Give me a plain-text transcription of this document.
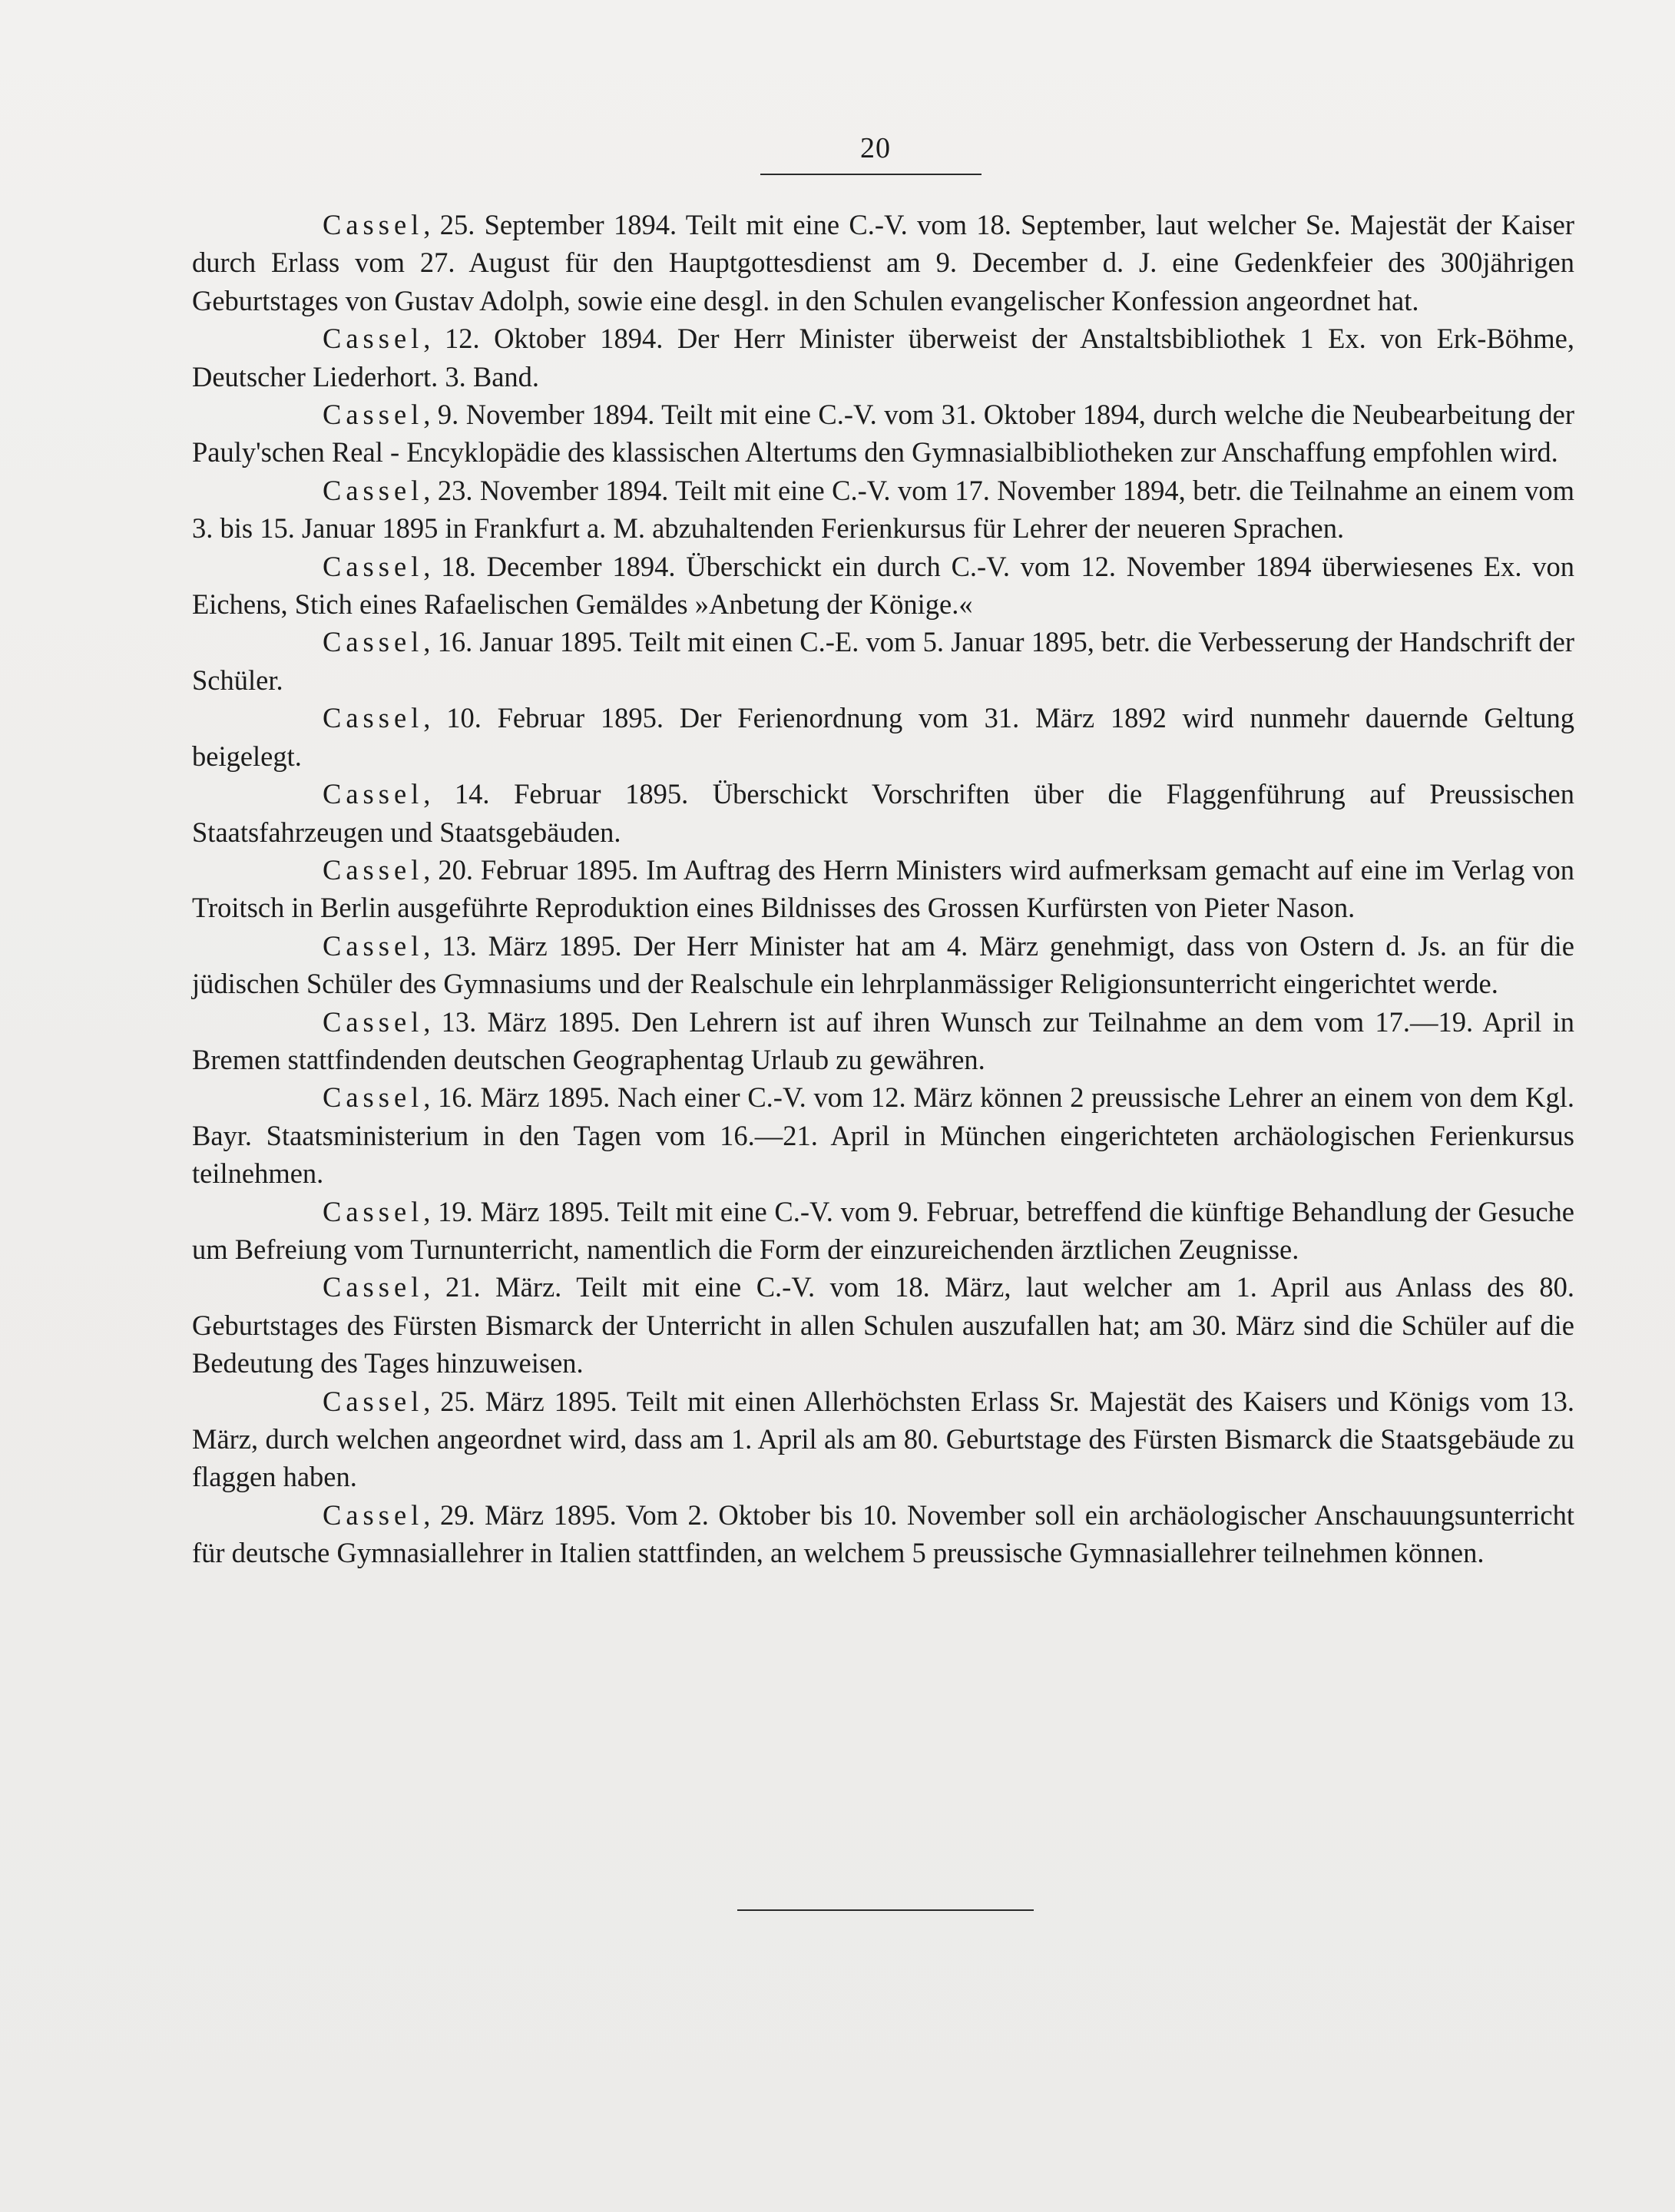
20

Cassel, 25. September 1894. Teilt mit eine C.-V. vom 18. September, laut welcher Se. Majestät der Kaiser durch Erlass vom 27. August für den Hauptgottesdienst am 9. December d. J. eine Gedenkfeier des 300jährigen Geburtstages von Gustav Adolph, sowie eine desgl. in den Schulen evangelischer Konfession angeordnet hat.

Cassel, 12. Oktober 1894. Der Herr Minister überweist der Anstaltsbibliothek 1 Ex. von Erk-Böhme, Deutscher Liederhort. 3. Band.

Cassel, 9. November 1894. Teilt mit eine C.-V. vom 31. Oktober 1894, durch welche die Neubearbeitung der Pauly'schen Real - Encyklopädie des klassischen Altertums den Gymnasialbibliotheken zur Anschaffung empfohlen wird.

Cassel, 23. November 1894. Teilt mit eine C.-V. vom 17. November 1894, betr. die Teilnahme an einem vom 3. bis 15. Januar 1895 in Frankfurt a. M. abzuhaltenden Ferienkursus für Lehrer der neueren Sprachen.

Cassel, 18. December 1894. Überschickt ein durch C.-V. vom 12. November 1894 überwiesenes Ex. von Eichens, Stich eines Rafaelischen Gemäldes »Anbetung der Könige.«

Cassel, 16. Januar 1895. Teilt mit einen C.-E. vom 5. Januar 1895, betr. die Verbesserung der Handschrift der Schüler.

Cassel, 10. Februar 1895. Der Ferienordnung vom 31. März 1892 wird nunmehr dauernde Geltung beigelegt.

Cassel, 14. Februar 1895. Überschickt Vorschriften über die Flaggenführung auf Preussischen Staatsfahrzeugen und Staatsgebäuden.

Cassel, 20. Februar 1895. Im Auftrag des Herrn Ministers wird aufmerksam gemacht auf eine im Verlag von Troitsch in Berlin ausgeführte Reproduktion eines Bildnisses des Grossen Kurfürsten von Pieter Nason.

Cassel, 13. März 1895. Der Herr Minister hat am 4. März genehmigt, dass von Ostern d. Js. an für die jüdischen Schüler des Gymnasiums und der Realschule ein lehrplanmässiger Religionsunterricht eingerichtet werde.

Cassel, 13. März 1895. Den Lehrern ist auf ihren Wunsch zur Teilnahme an dem vom 17.—19. April in Bremen stattfindenden deutschen Geographentag Urlaub zu gewähren.

Cassel, 16. März 1895. Nach einer C.-V. vom 12. März können 2 preussische Lehrer an einem von dem Kgl. Bayr. Staatsministerium in den Tagen vom 16.—21. April in München eingerichteten archäologischen Ferienkursus teilnehmen.

Cassel, 19. März 1895. Teilt mit eine C.-V. vom 9. Februar, betreffend die künftige Behandlung der Gesuche um Befreiung vom Turnunterricht, namentlich die Form der einzureichenden ärztlichen Zeugnisse.

Cassel, 21. März. Teilt mit eine C.-V. vom 18. März, laut welcher am 1. April aus Anlass des 80. Geburtstages des Fürsten Bismarck der Unterricht in allen Schulen auszufallen hat; am 30. März sind die Schüler auf die Bedeutung des Tages hinzuweisen.

Cassel, 25. März 1895. Teilt mit einen Allerhöchsten Erlass Sr. Majestät des Kaisers und Königs vom 13. März, durch welchen angeordnet wird, dass am 1. April als am 80. Geburtstage des Fürsten Bismarck die Staatsgebäude zu flaggen haben.

Cassel, 29. März 1895. Vom 2. Oktober bis 10. November soll ein archäologischer Anschauungsunterricht für deutsche Gymnasiallehrer in Italien stattfinden, an welchem 5 preussische Gymnasiallehrer teilnehmen können.
